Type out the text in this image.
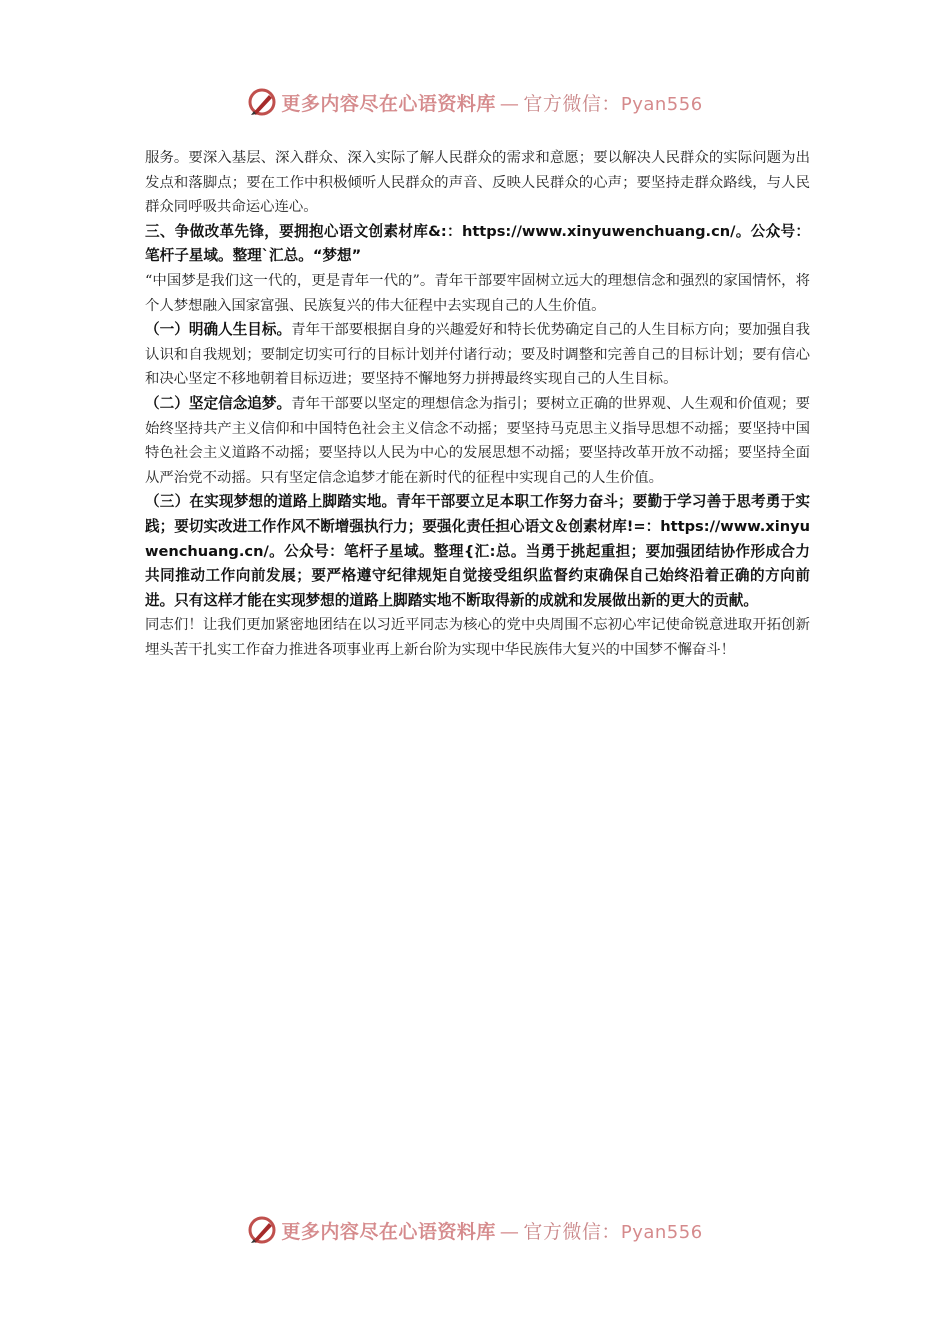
更多内容尽在心语资料库 — 官方微信：Pyan556

服务。要深入基层、深入群众、深入实际了解人民群众的需求和意愿；要以解决人民群众的实际问题为出发点和落脚点；要在工作中积极倾听人民群众的声音、反映人民群众的心声；要坚持走群众路线，与人民群众同呼吸共命运心连心。

三、争做改革先锋，要拥抱心语文创素材库&:：https://www.xinyuwenchuang.cn/。公众号：笔杆子星域。整理`汇总。“梦想”

“中国梦是我们这一代的，更是青年一代的”。青年干部要牢固树立远大的理想信念和强烈的家国情怀，将个人梦想融入国家富强、民族复兴的伟大征程中去实现自己的人生价值。

（一）明确人生目标。青年干部要根据自身的兴趣爱好和特长优势确定自己的人生目标方向；要加强自我认识和自我规划；要制定切实可行的目标计划并付诸行动；要及时调整和完善自己的目标计划；要有信心和决心坚定不移地朝着目标迈进；要坚持不懈地努力拼搏最终实现自己的人生目标。

（二）坚定信念追梦。青年干部要以坚定的理想信念为指引；要树立正确的世界观、人生观和价值观；要始终坚持共产主义信仰和中国特色社会主义信念不动摇；要坚持马克思主义指导思想不动摇；要坚持中国特色社会主义道路不动摇；要坚持以人民为中心的发展思想不动摇；要坚持改革开放不动摇；要坚持全面从严治党不动摇。只有坚定信念追梦才能在新时代的征程中实现自己的人生价值。

（三）在实现梦想的道路上脚踏实地。青年干部要立足本职工作努力奋斗；要勤于学习善于思考勇于实践；要切实改进工作作风不断增强执行力；要强化责任担心语文＆创素材库!=：https://www.xinyuwenchuang.cn/。公众号：笔杆子星域。整理{汇:总。当勇于挑起重担；要加强团结协作形成合力共同推动工作向前发展；要严格遵守纪律规矩自觉接受组织监督约束确保自己始终沿着正确的方向前进。只有这样才能在实现梦想的道路上脚踏实地不断取得新的成就和发展做出新的更大的贡献。

同志们！让我们更加紧密地团结在以习近平同志为核心的党中央周围不忘初心牢记使命锐意进取开拓创新埋头苦干扎实工作奋力推进各项事业再上新台阶为实现中华民族伟大复兴的中国梦不懈奋斗！

更多内容尽在心语资料库 — 官方微信：Pyan556
